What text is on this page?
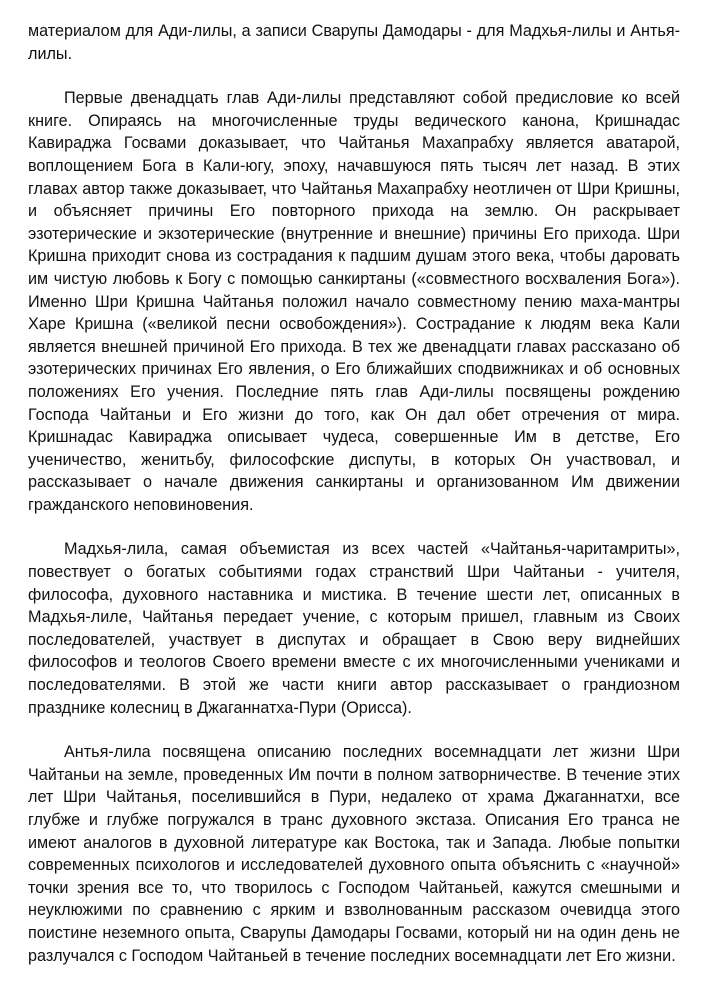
материалом для Ади-лилы, а записи Сварупы Дамодары - для Мадхья-лилы и Антья-лилы.

Первые двенадцать глав Ади-лилы представляют собой предисловие ко всей книге. Опираясь на многочисленные труды ведического канона, Кришнадас Кавираджа Госвами доказывает, что Чайтанья Махапрабху является аватарой, воплощением Бога в Кали-югу, эпоху, начавшуюся пять тысяч лет назад. В этих главах автор также доказывает, что Чайтанья Махапрабху неотличен от Шри Кришны, и объясняет причины Его повторного прихода на землю. Он раскрывает эзотерические и экзотерические (внутренние и внешние) причины Его прихода. Шри Кришна приходит снова из сострадания к падшим душам этого века, чтобы даровать им чистую любовь к Богу с помощью санкиртаны («совместного восхваления Бога»). Именно Шри Кришна Чайтанья положил начало совместному пению маха-мантры Харе Кришна («великой песни освобождения»). Сострадание к людям века Кали является внешней причиной Его прихода. В тех же двенадцати главах рассказано об эзотерических причинах Его явления, о Его ближайших сподвижниках и об основных положениях Его учения. Последние пять глав Ади-лилы посвящены рождению Господа Чайтаньи и Его жизни до того, как Он дал обет отречения от мира. Кришнадас Кавираджа описывает чудеса, совершенные Им в детстве, Его ученичество, женитьбу, философские диспуты, в которых Он участвовал, и рассказывает о начале движения санкиртаны и организованном Им движении гражданского неповиновения.

Мадхья-лила, самая объемистая из всех частей «Чайтанья-чаритамриты», повествует о богатых событиями годах странствий Шри Чайтаньи - учителя, философа, духовного наставника и мистика. В течение шести лет, описанных в Мадхья-лиле, Чайтанья передает учение, с которым пришел, главным из Своих последователей, участвует в диспутах и обращает в Свою веру виднейших философов и теологов Своего времени вместе с их многочисленными учениками и последователями. В этой же части книги автор рассказывает о грандиозном празднике колесниц в Джаганнатха-Пури (Орисса).

Антья-лила посвящена описанию последних восемнадцати лет жизни Шри Чайтаньи на земле, проведенных Им почти в полном затворничестве. В течение этих лет Шри Чайтанья, поселившийся в Пури, недалеко от храма Джаганнатхи, все глубже и глубже погружался в транс духовного экстаза. Описания Его транса не имеют аналогов в духовной литературе как Востока, так и Запада. Любые попытки современных психологов и исследователей духовного опыта объяснить с «научной» точки зрения все то, что творилось с Господом Чайтаньей, кажутся смешными и неуклюжими по сравнению с ярким и взволнованным рассказом очевидца этого поистине неземного опыта, Сварупы Дамодары Госвами, который ни на один день не разлучался с Господом Чайтаньей в течение последних восемнадцати лет Его жизни.
